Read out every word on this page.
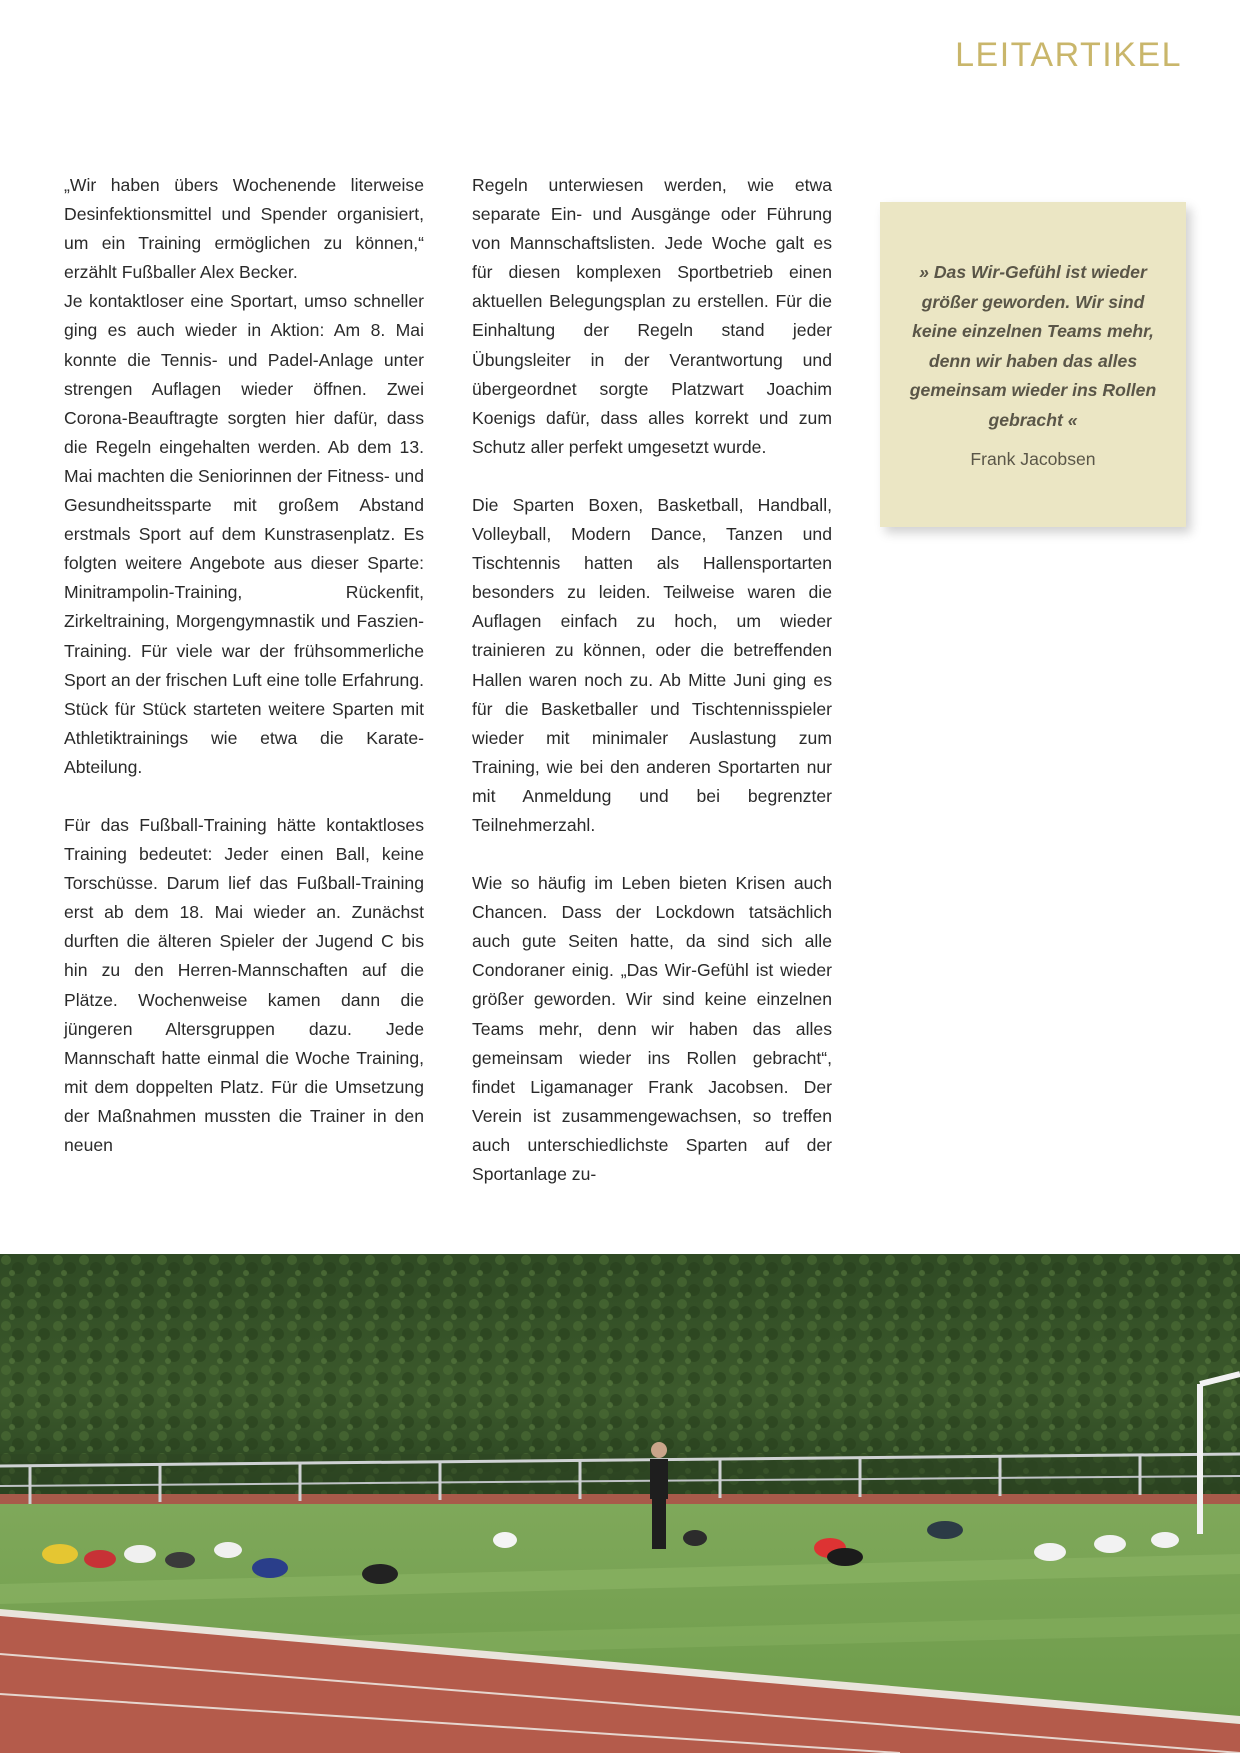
LEITARTIKEL

„Wir haben übers Wochenende literweise Desinfektionsmittel und Spender organisiert, um ein Training ermöglichen zu können,“ erzählt Fußballer Alex Becker.

Je kontaktloser eine Sportart, umso schneller ging es auch wieder in Aktion: Am 8. Mai konnte die Tennis- und Padel-Anlage unter strengen Auflagen wieder öffnen. Zwei Corona-Beauftragte sorgten hier dafür, dass die Regeln eingehalten werden. Ab dem 13. Mai machten die Seniorinnen der Fitness- und Gesundheitssparte mit großem Abstand erstmals Sport auf dem Kunstrasenplatz. Es folgten weitere Angebote aus dieser Sparte: Minitrampolin-Training, Rückenfit, Zirkeltraining, Morgengymnastik und Faszien-Training. Für viele war der frühsommerliche Sport an der frischen Luft eine tolle Erfahrung. Stück für Stück starteten weitere Sparten mit Athletiktrainings wie etwa die Karate-Abteilung.

Für das Fußball-Training hätte kontaktloses Training bedeutet: Jeder einen Ball, keine Torschüsse. Darum lief das Fußball-Training erst ab dem 18. Mai wieder an. Zunächst durften die älteren Spieler der Jugend C bis hin zu den Herren-Mannschaften auf die Plätze. Wochenweise kamen dann die jüngeren Altersgruppen dazu. Jede Mannschaft hatte einmal die Woche Training, mit dem doppelten Platz. Für die Umsetzung der Maßnahmen mussten die Trainer in den neuen

Regeln unterwiesen werden, wie etwa separate Ein- und Ausgänge oder Führung von Mannschaftslisten. Jede Woche galt es für diesen komplexen Sportbetrieb einen aktuellen Belegungsplan zu erstellen. Für die Einhaltung der Regeln stand jeder Übungsleiter in der Verantwortung und übergeordnet sorgte Platzwart Joachim Koenigs dafür, dass alles korrekt und zum Schutz aller perfekt umgesetzt wurde.

Die Sparten Boxen, Basketball, Handball, Volleyball, Modern Dance, Tanzen und Tischtennis hatten als Hallensportarten besonders zu leiden. Teilweise waren die Auflagen einfach zu hoch, um wieder trainieren zu können, oder die betreffenden Hallen waren noch zu. Ab Mitte Juni ging es für die Basketballer und Tischtennisspieler wieder mit minimaler Auslastung zum Training, wie bei den anderen Sportarten nur mit Anmeldung und bei begrenzter Teilnehmerzahl.

Wie so häufig im Leben bieten Krisen auch Chancen. Dass der Lockdown tatsächlich auch gute Seiten hatte, da sind sich alle Condoraner einig. „Das Wir-Gefühl ist wieder größer geworden. Wir sind keine einzelnen Teams mehr, denn wir haben das alles gemeinsam wieder ins Rollen gebracht“, findet Ligamanager Frank Jacobsen. Der Verein ist zusammengewachsen, so treffen auch unterschiedlichste Sparten auf der Sportanlage zu-

» Das Wir-Gefühl ist wieder größer geworden. Wir sind keine einzelnen Teams mehr, denn wir haben das alles gemeinsam wieder ins Rollen gebracht «

Frank Jacobsen
